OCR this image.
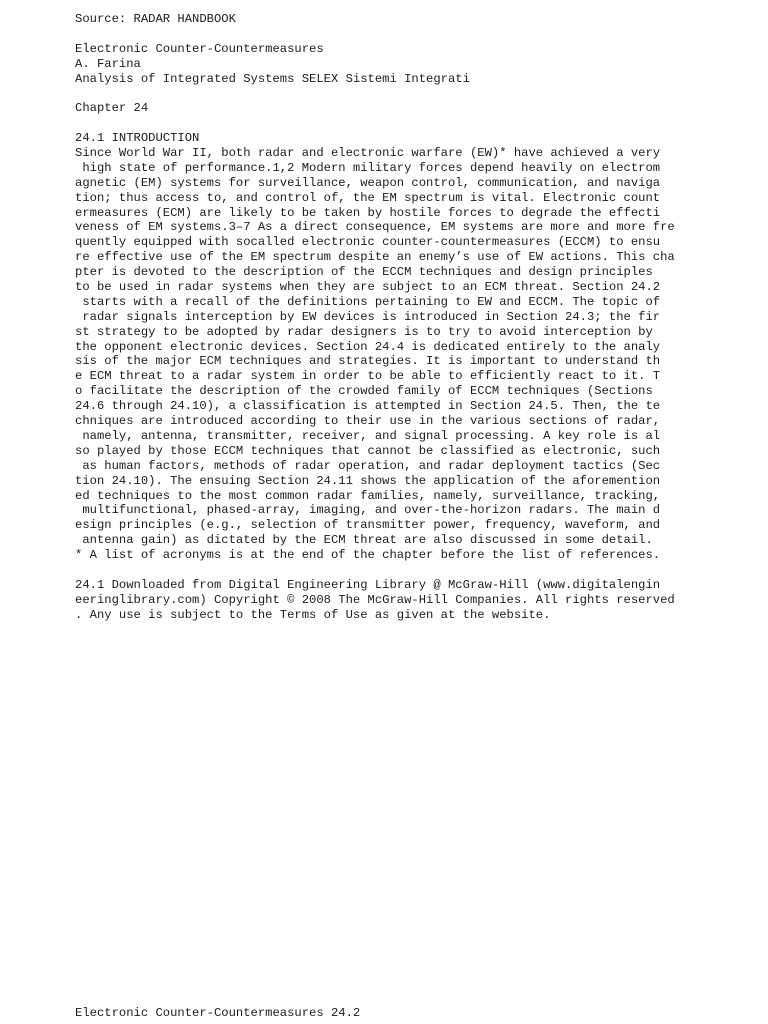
Source: RADAR HANDBOOK
Electronic Counter-Countermeasures
A. Farina
Analysis of Integrated Systems SELEX Sistemi Integrati
Chapter 24
24.1 INTRODUCTION
Since World War II, both radar and electronic warfare (EW)* have achieved a very
high state of performance.1,2 Modern military forces depend heavily on electrom
agnetic (EM) systems for surveillance, weapon control, communication, and naviga
tion; thus access to, and control of, the EM spectrum is vital. Electronic count
ermeasures (ECM) are likely to be taken by hostile forces to degrade the effecti
veness of EM systems.3–7 As a direct consequence, EM systems are more and more fre
quently equipped with socalled electronic counter-countermeasures (ECCM) to ensu
re effective use of the EM spectrum despite an enemy’s use of EW actions. This cha
pter is devoted to the description of the ECCM techniques and design principles
to be used in radar systems when they are subject to an ECM threat. Section 24.2
starts with a recall of the definitions pertaining to EW and ECCM. The topic of
radar signals interception by EW devices is introduced in Section 24.3; the fir
st strategy to be adopted by radar designers is to try to avoid interception by
the opponent electronic devices. Section 24.4 is dedicated entirely to the analy
sis of the major ECM techniques and strategies. It is important to understand th
e ECM threat to a radar system in order to be able to efficiently react to it. T
o facilitate the description of the crowded family of ECCM techniques (Sections
24.6 through 24.10), a classification is attempted in Section 24.5. Then, the te
chniques are introduced according to their use in the various sections of radar,
namely, antenna, transmitter, receiver, and signal processing. A key role is al
so played by those ECCM techniques that cannot be classified as electronic, such
as human factors, methods of radar operation, and radar deployment tactics (Sec
tion 24.10). The ensuing Section 24.11 shows the application of the aforemention
ed techniques to the most common radar families, namely, surveillance, tracking,
multifunctional, phased-array, imaging, and over-the-horizon radars. The main d
esign principles (e.g., selection of transmitter power, frequency, waveform, and
antenna gain) as dictated by the ECM threat are also discussed in some detail.
* A list of acronyms is at the end of the chapter before the list of references.
24.1 Downloaded from Digital Engineering Library @ McGraw-Hill (www.digitalengin
eeringlibrary.com) Copyright © 2008 The McGraw-Hill Companies. All rights reserved
. Any use is subject to the Terms of Use as given at the website.
Electronic Counter-Countermeasures 24.2
